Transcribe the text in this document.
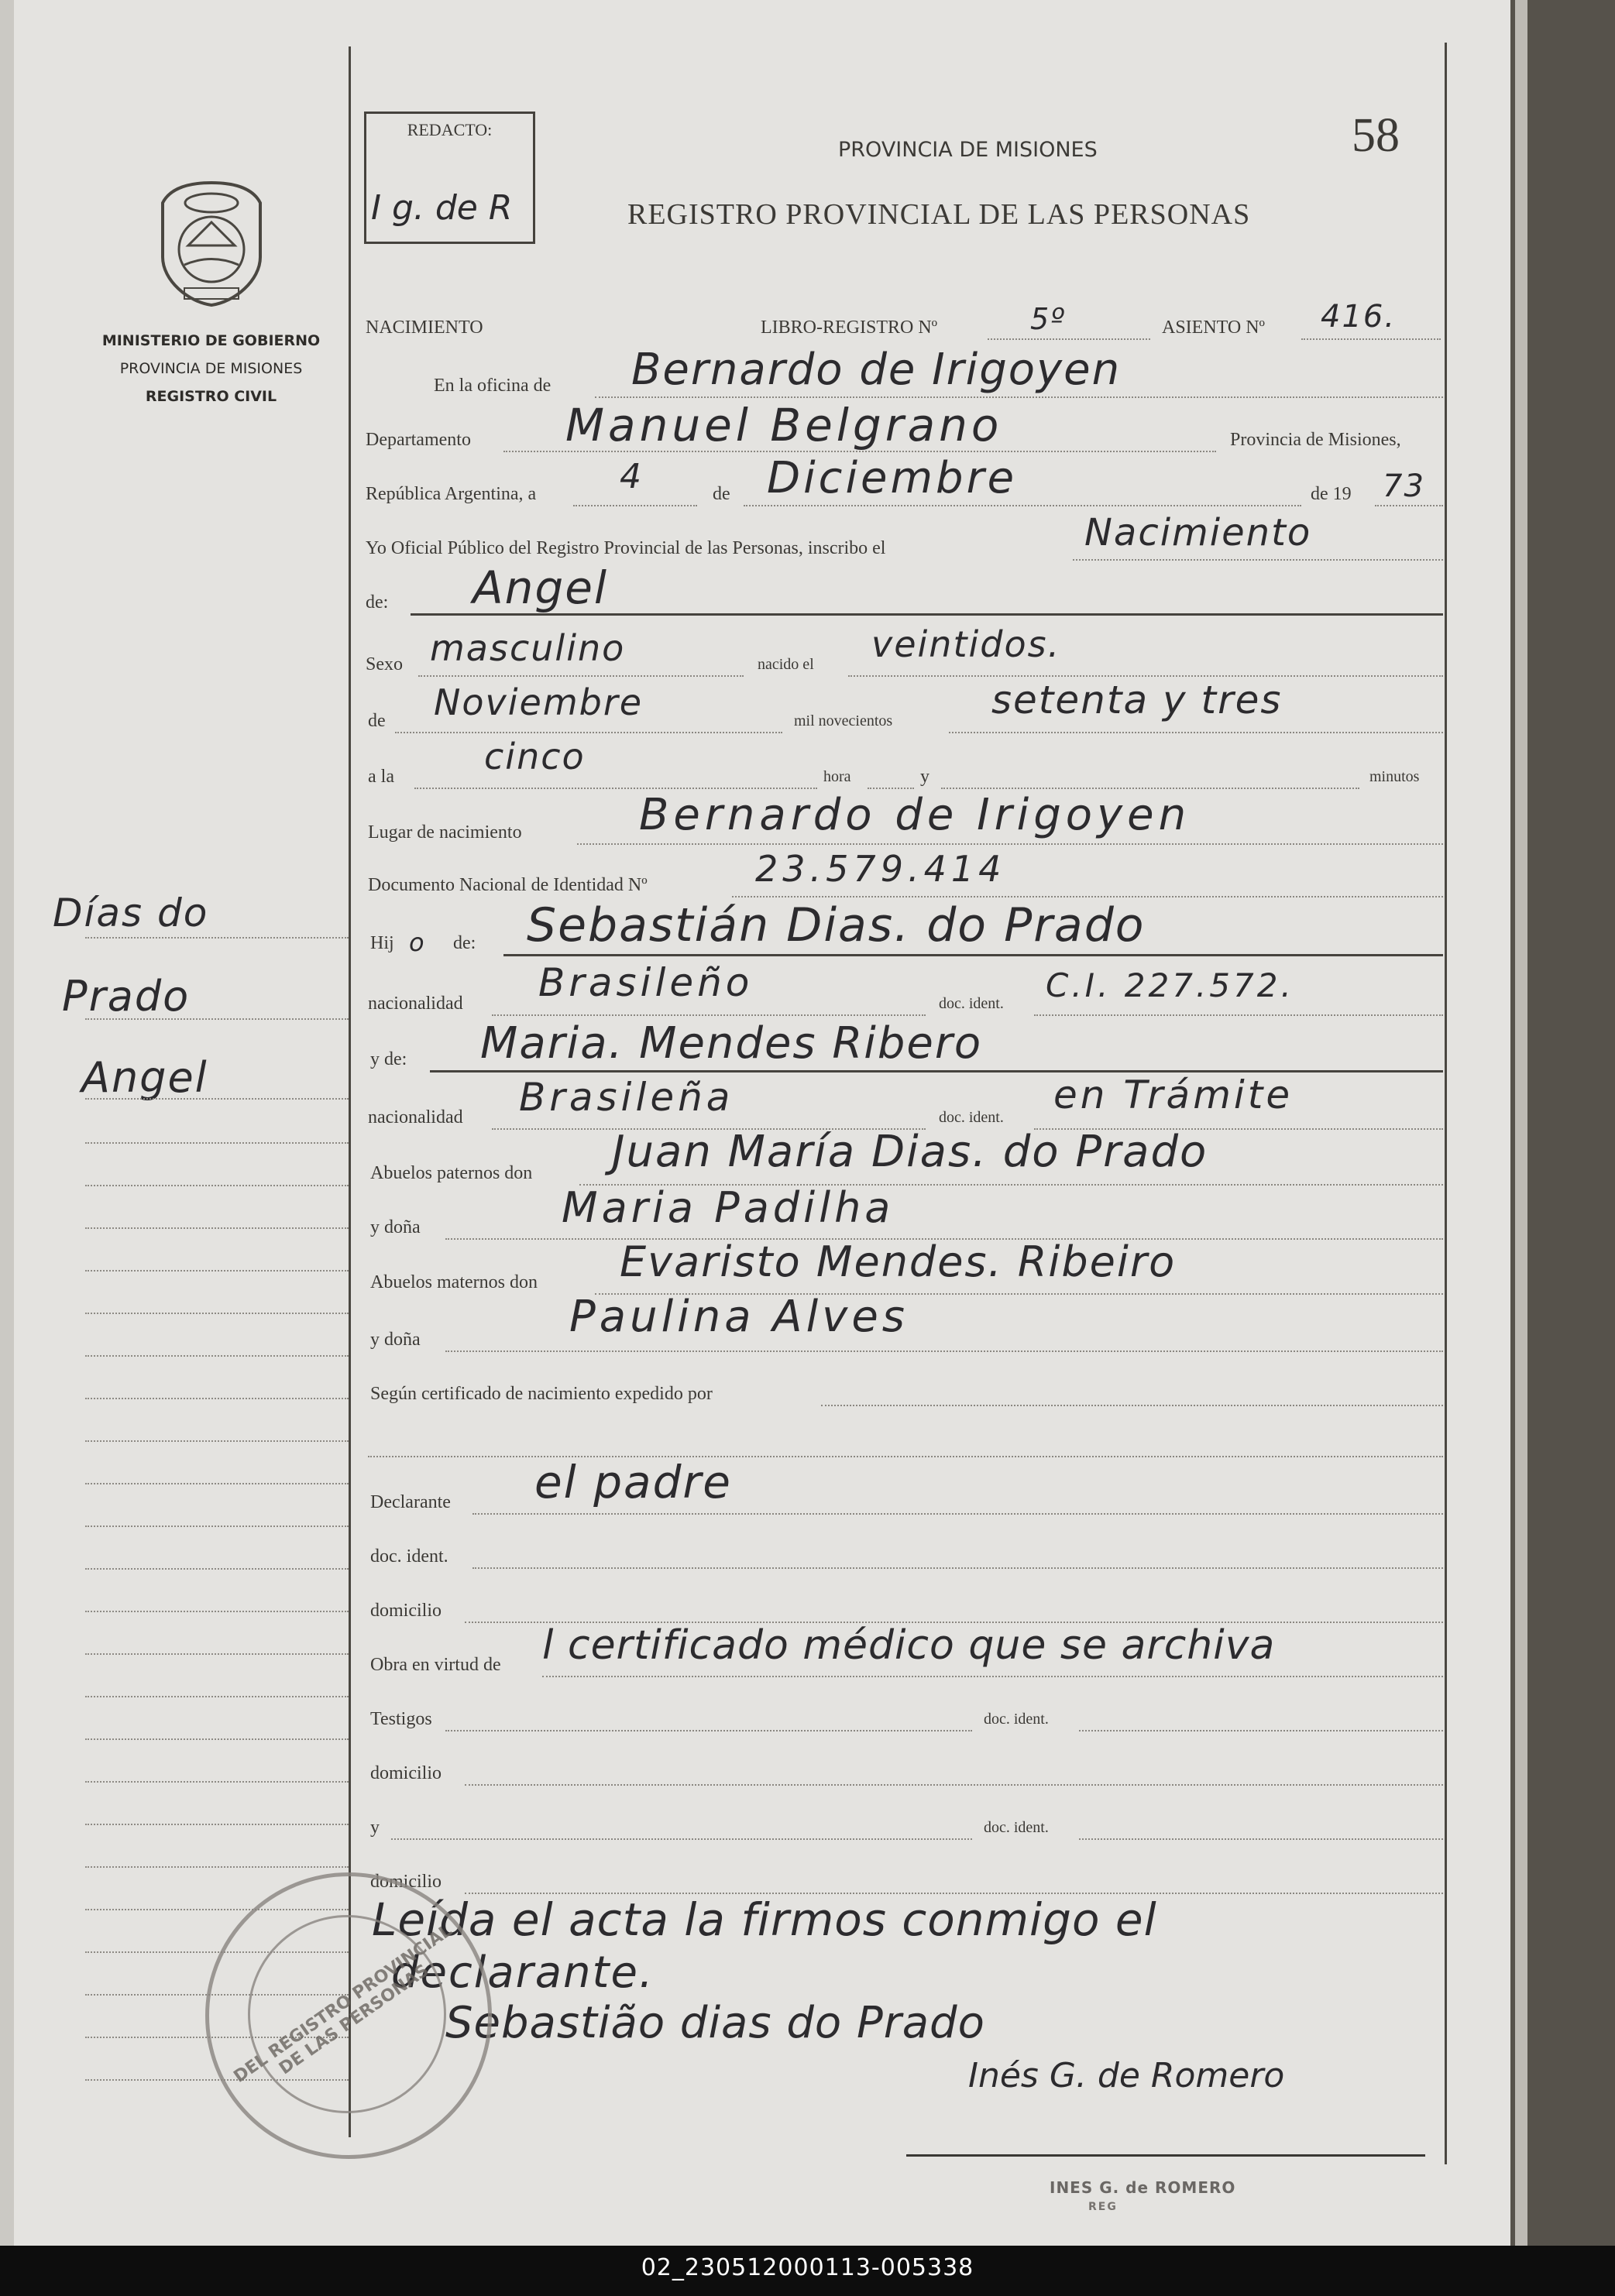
MINISTERIO DE GOBIERNO
PROVINCIA DE MISIONES
REGISTRO CIVIL
Días do
Prado
Angel
REDACTO:
I g. de R
PROVINCIA DE MISIONES
REGISTRO PROVINCIAL DE LAS PERSONAS
58
NACIMIENTO	LIBRO-REGISTRO Nº	5º	ASIENTO Nº 416.
En la oficina de Bernardo de Irigoyen
Departamento Manuel Belgrano	Provincia de Misiones,
República Argentina, a 4	de Diciembre	de 19 73
Yo Oficial Público del Registro Provincial de las Personas, inscribo el	Nacimiento
de: Angel
Sexo masculino	nacido el veintidos.
de Noviembre	mil novecientos	setenta y tres
a la	cinco	hora	y	minutos
Lugar de nacimiento	Bernardo de Irigoyen
Documento Nacional de Identidad Nº	23.579.414
Hij o de: Sebastián Dias. do Prado
nacionalidad Brasileño	doc. ident. C.I. 227.572.
y de: Maria. Mendes Ribero
nacionalidad Brasileña	doc. ident. en Trámite
Abuelos paternos don Juan María Dias. do Prado
y doña	Maria Padilha
Abuelos maternos don Evaristo Mendes. Ribeiro
y doña	Paulina Alves
Según certificado de nacimiento expedido por
Declarante el padre
doc. ident.
domicilio
Obra en virtud de l certificado médico que se archiva
Testigos	doc. ident.
domicilio
y	doc. ident.
domicilio
Leída el acta la firmos conmigo el
declarante.
Sebastião dias do Prado
Inés G. de Romero
INES G. de ROMERO
REG
DEL REGISTRO PROVINCIAL DE LAS PERSONAS
02_230512000113-005338
